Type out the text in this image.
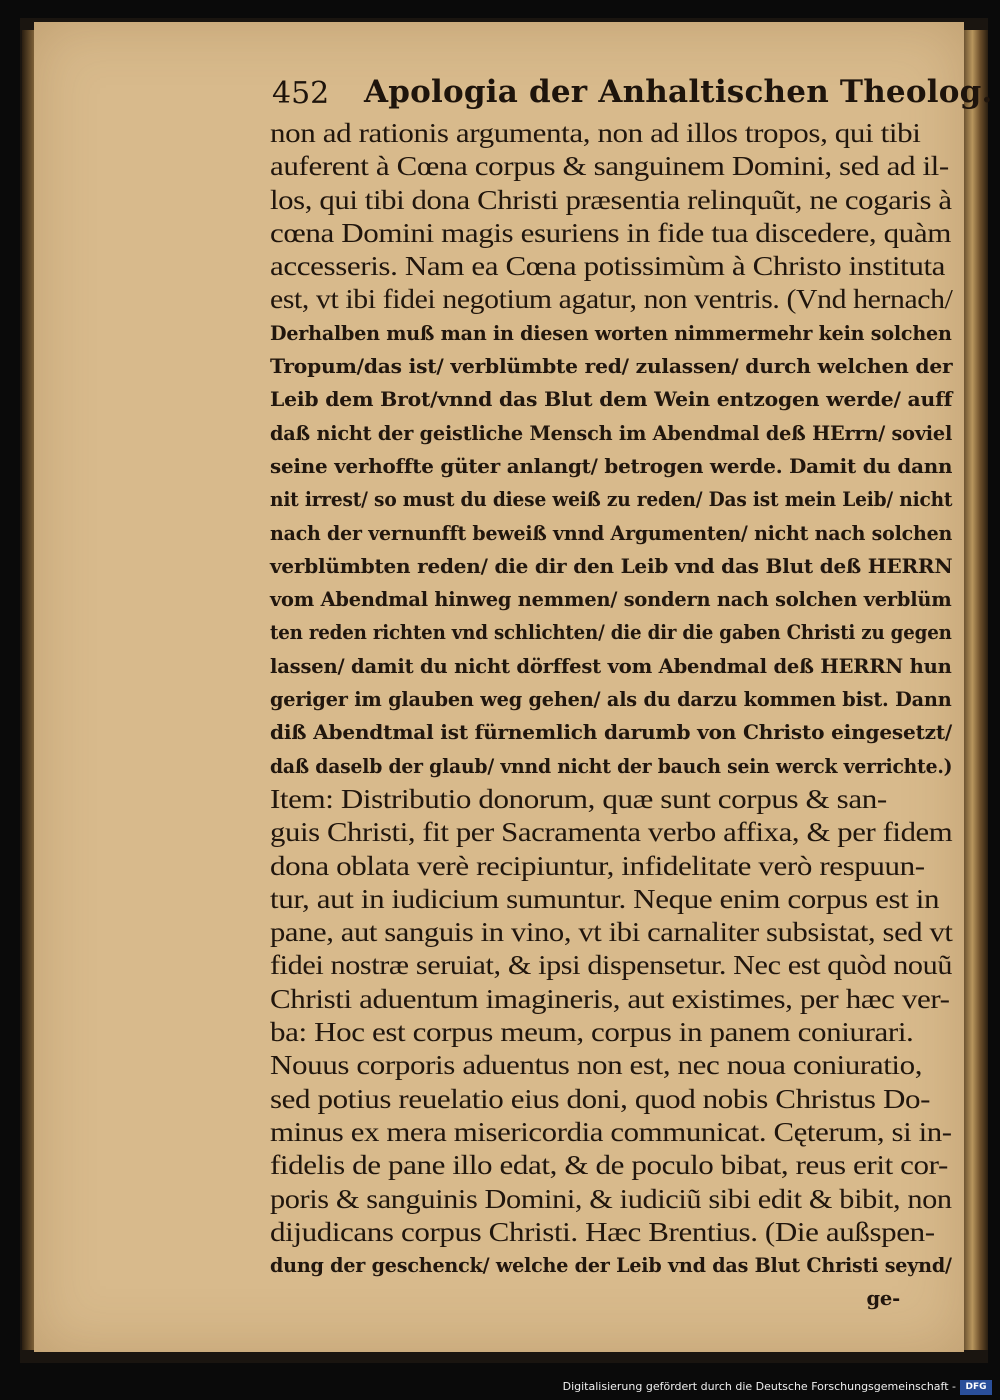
452 Apologia der Anhaltischen Theolog.
non ad rationis argumenta, non ad illos tropos, qui tibi
auferent à Cœna corpus & sanguinem Domini, sed ad il-
los, qui tibi dona Christi præsentia relinquũt, ne cogaris à
cœna Domini magis esuriens in fide tua discedere, quàm
accesseris. Nam ea Cœna potissimùm à Christo instituta
est, vt ibi fidei negotium agatur, non ventris. (Vnd hernach/
Derhalben muß man in diesen worten nimmermehr kein solchen
Tropum/das ist/ verblümbte red/ zulassen/ durch welchen der
Leib dem Brot/vnnd das Blut dem Wein entzogen werde/ auff
daß nicht der geistliche Mensch im Abendmal deß HErrn/ soviel
seine verhoffte güter anlangt/ betrogen werde. Damit du dann
nit irrest/ so must du diese weiß zu reden/ Das ist mein Leib/ nicht
nach der vernunfft beweiß vnnd Argumenten/ nicht nach solchen
verblümbten reden/ die dir den Leib vnd das Blut deß HERRN
vom Abendmal hinweg nemmen/ sondern nach solchen verblüm
ten reden richten vnd schlichten/ die dir die gaben Christi zu gegen
lassen/ damit du nicht dörffest vom Abendmal deß HERRN hun
geriger im glauben weg gehen/ als du darzu kommen bist. Dann
diß Abendtmal ist fürnemlich darumb von Christo eingesetzt/
daß daselb der glaub/ vnnd nicht der bauch sein werck verrichte.)
Item: Distributio donorum, quæ sunt corpus & san-
guis Christi, fit per Sacramenta verbo affixa, & per fidem
dona oblata verè recipiuntur, infidelitate verò respuun-
tur, aut in iudicium sumuntur. Neque enim corpus est in
pane, aut sanguis in vino, vt ibi carnaliter subsistat, sed vt
fidei nostræ seruiat, & ipsi dispensetur. Nec est quòd nouũ
Christi aduentum imagineris, aut existimes, per hæc ver-
ba: Hoc est corpus meum, corpus in panem coniurari.
Nouus corporis aduentus non est, nec noua coniuratio,
sed potius reuelatio eius doni, quod nobis Christus Do-
minus ex mera misericordia communicat. Cęterum, si in-
fidelis de pane illo edat, & de poculo bibat, reus erit cor-
poris & sanguinis Domini, & iudiciũ sibi edit & bibit, non
dijudicans corpus Christi. Hæc Brentius. (Die außspen-
dung der geschenck/ welche der Leib vnd das Blut Christi seynd/
ge-
Digitalisierung gefördert durch die Deutsche Forschungsgemeinschaft -	DFG
